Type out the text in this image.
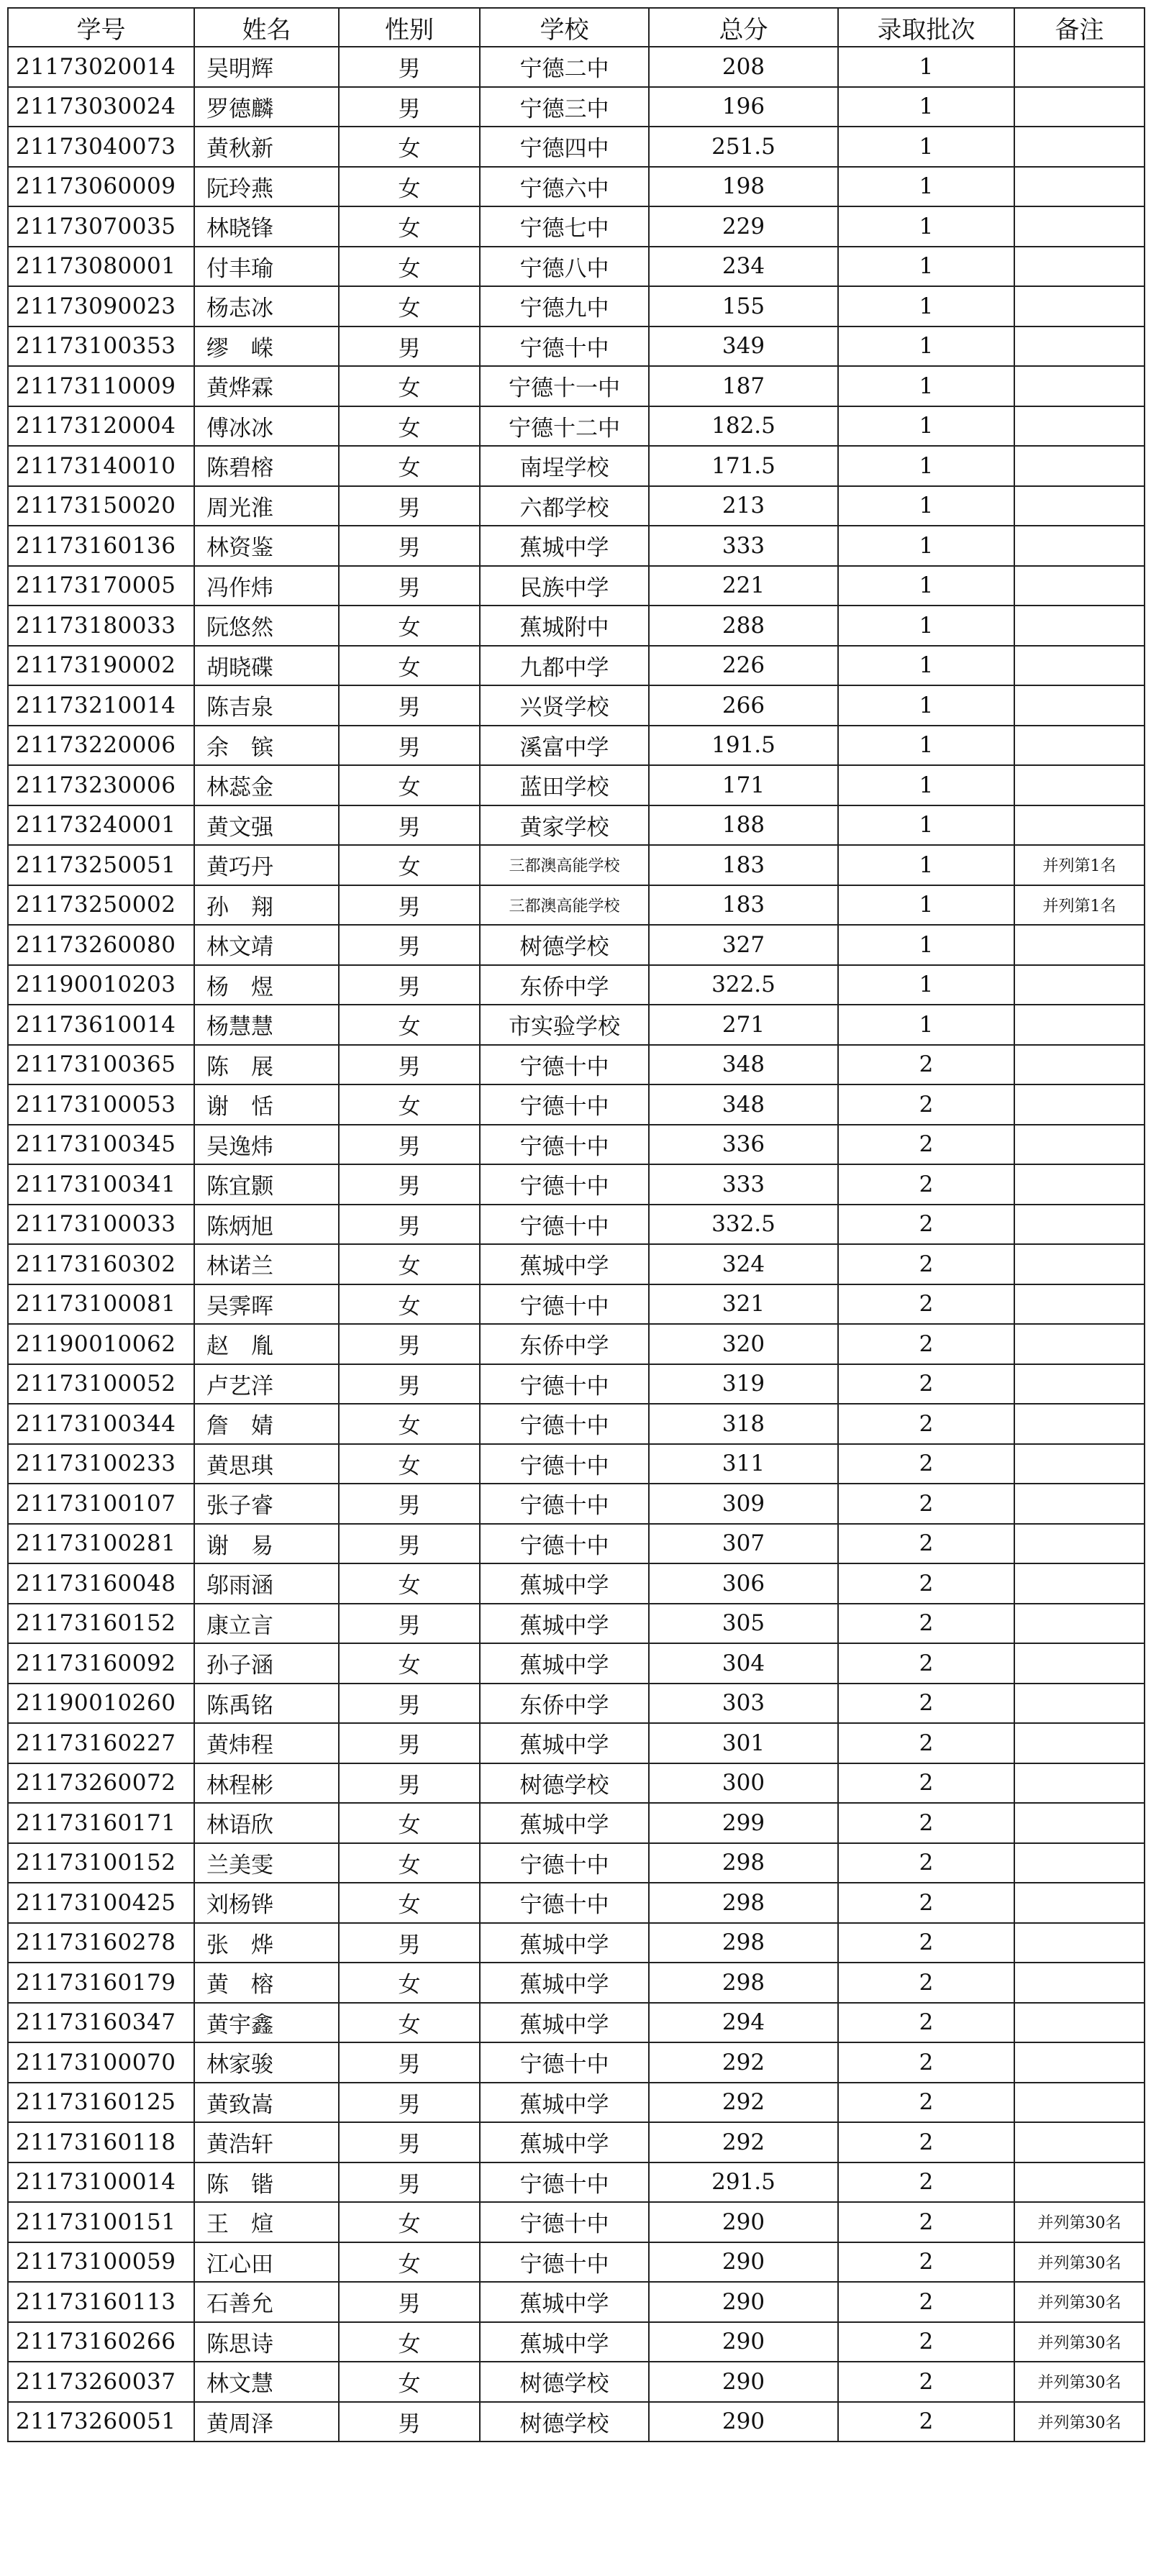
学号	姓名	性别	学校	总分	录取批次	备注
21173020014	吴明辉	男	宁德二中	208	1	
21173030024	罗德麟	男	宁德三中	196	1	
21173040073	黄秋新	女	宁德四中	251.5	1	
21173060009	阮玲燕	女	宁德六中	198	1	
21173070035	林晓锋	女	宁德七中	229	1	
21173080001	付丰瑜	女	宁德八中	234	1	
21173090023	杨志冰	女	宁德九中	155	1	
21173100353	缪　嵘	男	宁德十中	349	1	
21173110009	黄烨霖	女	宁德十一中	187	1	
21173120004	傅冰冰	女	宁德十二中	182.5	1	
21173140010	陈碧榕	女	南埕学校	171.5	1	
21173150020	周光淮	男	六都学校	213	1	
21173160136	林资鉴	男	蕉城中学	333	1	
21173170005	冯作炜	男	民族中学	221	1	
21173180033	阮悠然	女	蕉城附中	288	1	
21173190002	胡晓碟	女	九都中学	226	1	
21173210014	陈吉泉	男	兴贤学校	266	1	
21173220006	余　镔	男	溪富中学	191.5	1	
21173230006	林蕊金	女	蓝田学校	171	1	
21173240001	黄文强	男	黄家学校	188	1	
21173250051	黄巧丹	女	三都澳高能学校	183	1	并列第1名
21173250002	孙　翔	男	三都澳高能学校	183	1	并列第1名
21173260080	林文靖	男	树德学校	327	1	
21190010203	杨　煜	男	东侨中学	322.5	1	
21173610014	杨慧慧	女	市实验学校	271	1	
21173100365	陈　展	男	宁德十中	348	2	
21173100053	谢　恬	女	宁德十中	348	2	
21173100345	吴逸炜	男	宁德十中	336	2	
21173100341	陈宜颢	男	宁德十中	333	2	
21173100033	陈炳旭	男	宁德十中	332.5	2	
21173160302	林诺兰	女	蕉城中学	324	2	
21173100081	吴霁晖	女	宁德十中	321	2	
21190010062	赵　胤	男	东侨中学	320	2	
21173100052	卢艺洋	男	宁德十中	319	2	
21173100344	詹　婧	女	宁德十中	318	2	
21173100233	黄思琪	女	宁德十中	311	2	
21173100107	张子睿	男	宁德十中	309	2	
21173100281	谢　易	男	宁德十中	307	2	
21173160048	邬雨涵	女	蕉城中学	306	2	
21173160152	康立言	男	蕉城中学	305	2	
21173160092	孙子涵	女	蕉城中学	304	2	
21190010260	陈禹铭	男	东侨中学	303	2	
21173160227	黄炜程	男	蕉城中学	301	2	
21173260072	林程彬	男	树德学校	300	2	
21173160171	林语欣	女	蕉城中学	299	2	
21173100152	兰美雯	女	宁德十中	298	2	
21173100425	刘杨铧	女	宁德十中	298	2	
21173160278	张　烨	男	蕉城中学	298	2	
21173160179	黄　榕	女	蕉城中学	298	2	
21173160347	黄宇鑫	女	蕉城中学	294	2	
21173100070	林家骏	男	宁德十中	292	2	
21173160125	黄致嵩	男	蕉城中学	292	2	
21173160118	黄浩轩	男	蕉城中学	292	2	
21173100014	陈　锴	男	宁德十中	291.5	2	
21173100151	王　煊	女	宁德十中	290	2	并列第30名
21173100059	江心田	女	宁德十中	290	2	并列第30名
21173160113	石善允	男	蕉城中学	290	2	并列第30名
21173160266	陈思诗	女	蕉城中学	290	2	并列第30名
21173260037	林文慧	女	树德学校	290	2	并列第30名
21173260051	黄周泽	男	树德学校	290	2	并列第30名
